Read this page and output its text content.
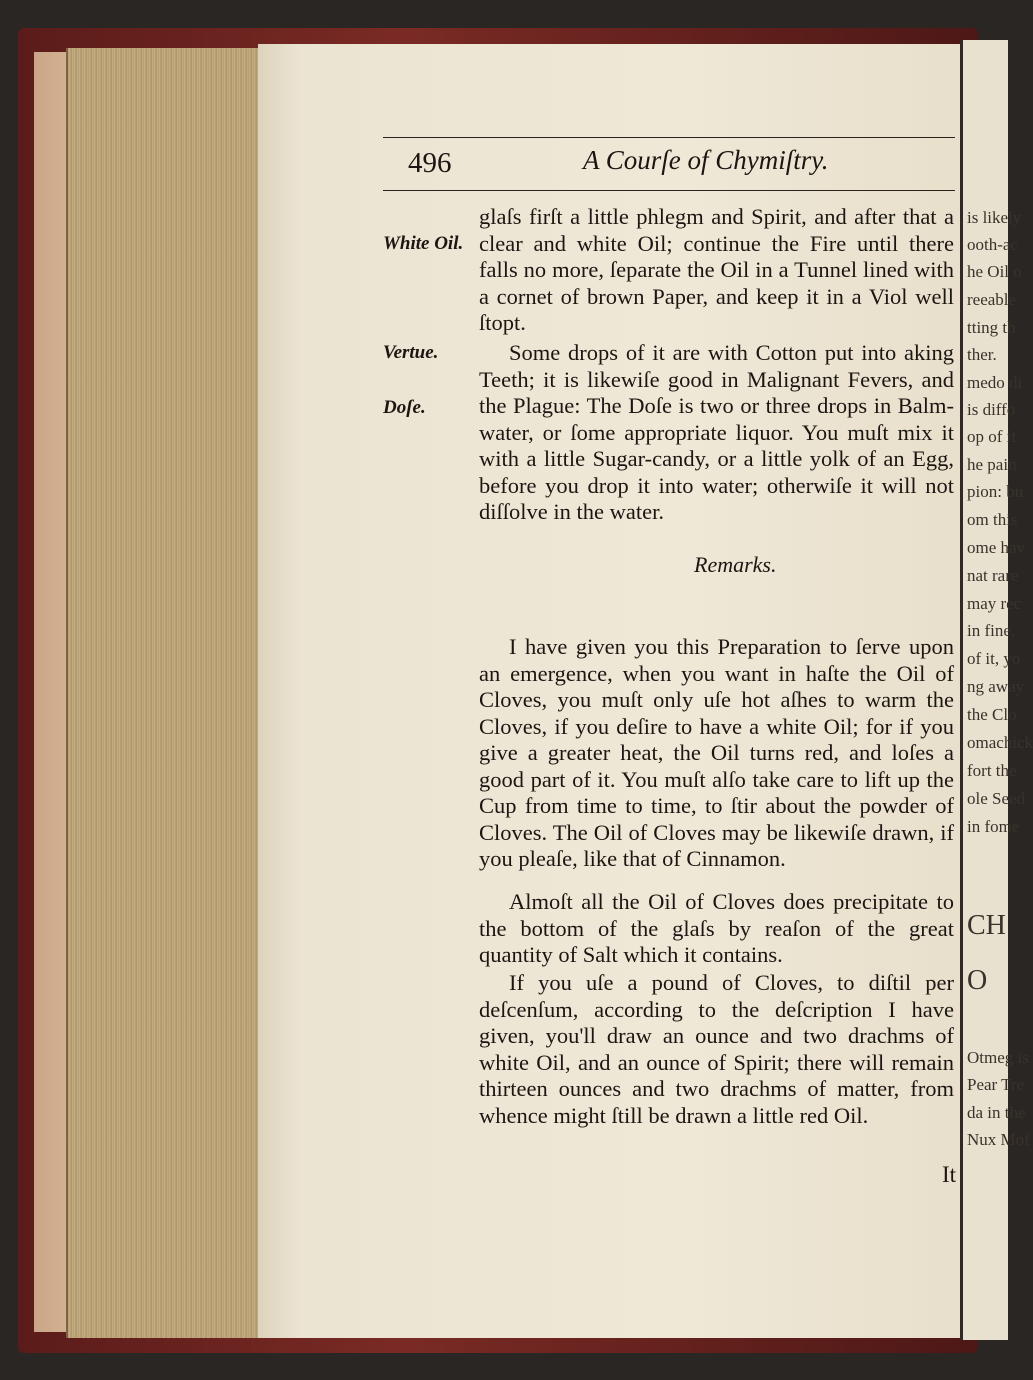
496	A Courſe of Chymiſtry.
White Oil.
Vertue.
Doſe.

glaſs firſt a little phlegm and Spirit, and after that a clear and white Oil; continue the Fire until there falls no more, ſeparate the Oil in a Tunnel lined with a cornet of brown Paper, and keep it in a Viol well ſtopt.

Some drops of it are with Cotton put into aking Teeth; it is likewiſe good in Malignant Fevers, and the Plague: The Doſe is two or three drops in Balm-water, or ſome appropriate liquor. You muſt mix it with a little Sugar-candy, or a little yolk of an Egg, before you drop it into water; otherwiſe it will not diſſolve in the water.

Remarks.

I have given you this Preparation to ſerve upon an emergence, when you want in haſte the Oil of Cloves, you muſt only uſe hot aſhes to warm the Cloves, if you deſire to have a white Oil; for if you give a greater heat, the Oil turns red, and loſes a good part of it. You muſt alſo take care to lift up the Cup from time to time, to ſtir about the powder of Cloves. The Oil of Cloves may be likewiſe drawn, if you pleaſe, like that of Cinnamon.

Almoſt all the Oil of Cloves does precipitate to the bottom of the glaſs by reaſon of the great quantity of Salt which it contains.

If you uſe a pound of Cloves, to diſtil per deſcenſum, according to the deſcription I have given, you'll draw an ounce and two drachms of white Oil, and an ounce of Spirit; there will remain thirteen ounces and two drachms of matter, from whence might ſtill be drawn a little red Oil.

It
is likely
ooth-ac
he Oil o
reeable
tting th
ther.
medo di
is diffo
op of it
he pain
pion: bu
om this
ome hav
nat rare
may rec
in fine,
of it, yo
ng away
the Clo
omachick
fort the
ole Seed
in fome
CH
O
Otmeg is
Pear Tre
da in the
Nux Mof
